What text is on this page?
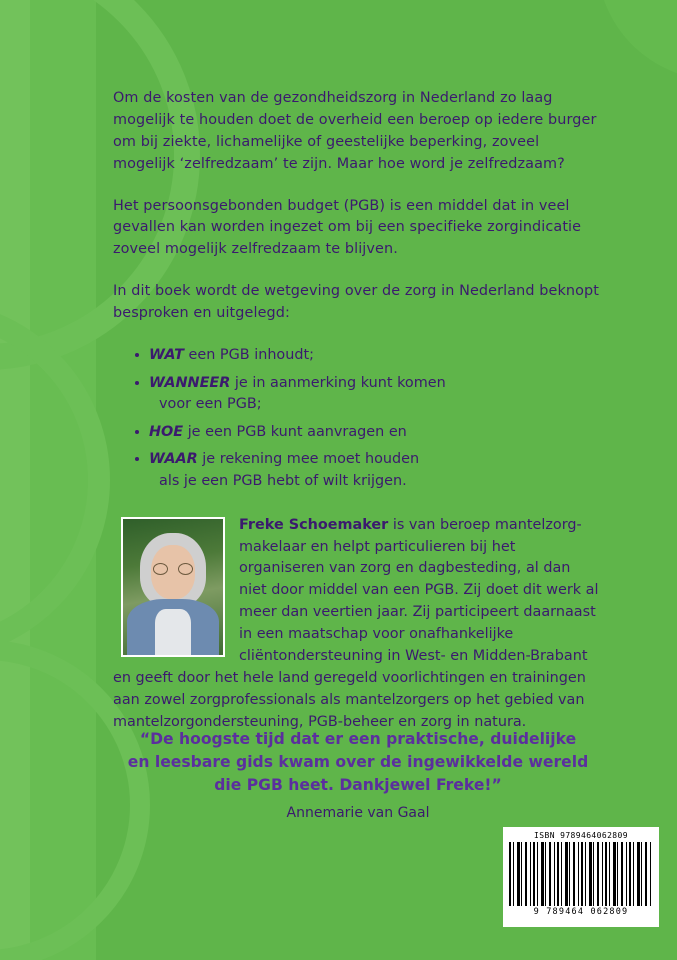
Om de kosten van de gezondheidszorg in Nederland zo laag mogelijk te houden doet de overheid een beroep op iedere burger om bij ziekte, lichamelijke of geestelijke beperking, zoveel mogelijk ‘zelfredzaam’ te zijn. Maar hoe word je zelfredzaam?

Het persoonsgebonden budget (PGB) is een middel dat in veel gevallen kan worden ingezet om bij een specifieke zorgindicatie zoveel mogelijk zelfredzaam te blijven.

In dit boek wordt de wetgeving over de zorg in Nederland beknopt besproken en uitgelegd:

WAT een PGB inhoudt;
WANNEER je in aanmerking kunt komen
voor een PGB;
HOE je een PGB kunt aanvragen en
WAAR je rekening mee moet houden
als je een PGB hebt of wilt krijgen.

Freke Schoemaker is van beroep mantelzorg-makelaar en helpt particulieren bij het organiseren van zorg en dagbesteding, al dan niet door middel van een PGB. Zij doet dit werk al meer dan veertien jaar. Zij participeert daarnaast in een maatschap voor onafhankelijke cliëntondersteuning in West- en Midden-Brabant en geeft door het hele land geregeld voorlichtingen en trainingen aan zowel zorgprofessionals als mantelzorgers op het gebied van mantelzorgondersteuning, PGB-beheer en zorg in natura.

“De hoogste tijd dat er een praktische, duidelijke
en leesbare gids kwam over de ingewikkelde wereld
die PGB heet. Dankjewel Freke!”
Annemarie van Gaal
ISBN 9789464062809
9 789464 062809
